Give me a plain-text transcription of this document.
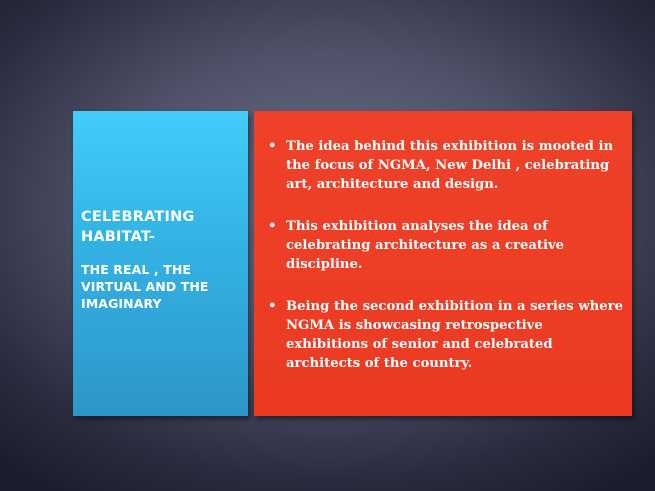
CELEBRATING HABITAT-
THE REAL , THE VIRTUAL AND THE IMAGINARY
• The idea behind this exhibition is mooted in the focus of NGMA, New Delhi , celebrating art, architecture and design.
• This exhibition analyses the idea of celebrating architecture as a creative discipline.
• Being the second exhibition in a series where NGMA is showcasing retrospective exhibitions of senior and celebrated architects of the country.
